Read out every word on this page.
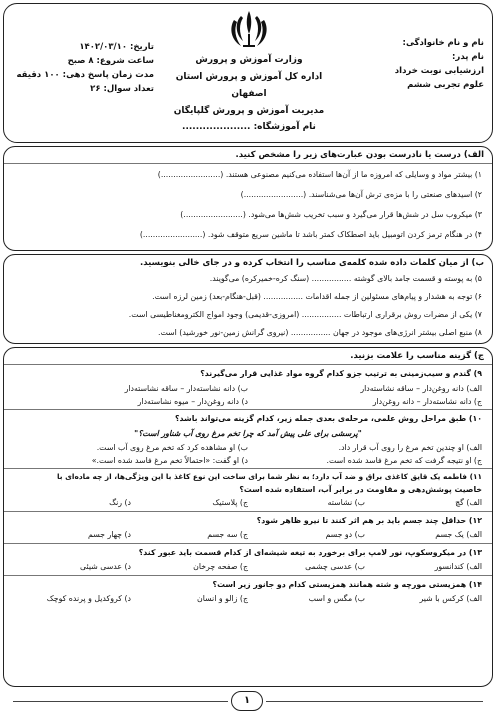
نام و نام خانوادگی:
نام پدر:
ارزشیابی نوبت خرداد
علوم تجربی ششم
وزارت آموزش و پرورش
اداره کل آموزش و پرورش استان اصفهان
مدیریت آموزش و پرورش گلپایگان
تاریخ: ۱۴۰۲/۰۳/۱۰
ساعت شروع: ۸ صبح
مدت زمان پاسخ دهی: ۱۰۰ دقیقه
تعداد سوال: ۲۶
نام آموزشگاه: ....................
الف) درست یا نادرست بودن عبارت‌های زیر را مشخص کنید.
۱) بیشتر مواد و وسایلی که امروزه ما از آن‌ها استفاده می‌کنیم مصنوعی هستند. (........................)
۲) اسیدهای صنعتی را با مزه‌ی ترش آن‌ها می‌شناسند. (........................)
۳) میکروب سل در شش‌ها قرار می‌گیرد و سبب تخریب شش‌ها می‌شود. (........................)
۴) در هنگام ترمز کردن اتومبیل باید اصطکاک کمتر باشد تا ماشین سریع متوقف شود. (........................)
ب) از میان کلمات داده شده کلمه‌ی مناسب را انتخاب کرده و در جای خالی بنویسید.
۵) به پوسته و قسمت جامد بالای گوشته ................ (سنگ کره-خمیرکره) می‌گویند.
۶) توجه به هشدار و پیام‌های مسئولین از جمله اقدامات ................ (قبل-هنگام-بعد) زمین لرزه است.
۷) یکی از مضرات روش برقراری ارتباطات ................ (امروزی-قدیمی) وجود امواج الکترومغناطیسی است.
۸) منبع اصلی بیشتر انرژی‌های موجود در جهان ................ (نیروی گرانش زمین-نور خورشید) است.
ج) گزینه مناسب را علامت بزنید.
۹) گندم و سیب‌زمینی به ترتیب جزو کدام گروه مواد غذایی قرار می‌گیرند؟
الف) دانه روغن‌دار – ساقه نشاسته‌دار
ب) دانه نشاسته‌دار – ساقه نشاسته‌دار
ج) دانه نشاسته‌دار – دانه روغن‌دار
د) دانه روغن‌دار – میوه نشاسته‌دار
۱۰) طبق مراحل روش علمی، مرحله‌ی بعدی جمله زیر، کدام گزینه می‌تواند باشد؟
"پرسشی برای علی پیش آمد که چرا تخم مرغ روی آب شناور است؟"
الف) او چندین تخم مرغ را روی آب قرار داد.
ب) او مشاهده کرد که تخم مرغ روی آب است.
ج) او نتیجه گرفت که تخم مرغ فاسد شده است.
د) او گفت: «احتمالاً تخم مرغ فاسد شده است.»
۱۱) فاطمه یک قایق کاغذی براق و ضد آب دارد؛ به نظر شما برای ساخت این نوع کاغذ با این ویژگی‌ها، از چه ماده‌ای با
خاصیت پوشش‌دهی و مقاومت در برابر آب، استفاده شده است؟
الف) گچ
ب) نشاسته
ج) پلاستیک
د) رنگ
۱۲) حداقل چند جسم باید بر هم اثر کنند تا نیرو ظاهر شود؟
الف) یک جسم
ب) دو جسم
ج) سه جسم
د) چهار جسم
۱۳) در میکروسکوپ، نور لامپ برای برخورد به تیغه شیشه‌ای از کدام قسمت باید عبور کند؟
الف) کندانسور
ب) عدسی چشمی
ج) صفحه چرخان
د) عدسی شیئی
۱۴) همزیستی مورچه و شته همانند همزیستی کدام دو جانور زیر است؟
الف) کرکس با شیر
ب) مگس و اسب
ج) زالو و انسان
د) کروکدیل و پرنده کوچک
۱
